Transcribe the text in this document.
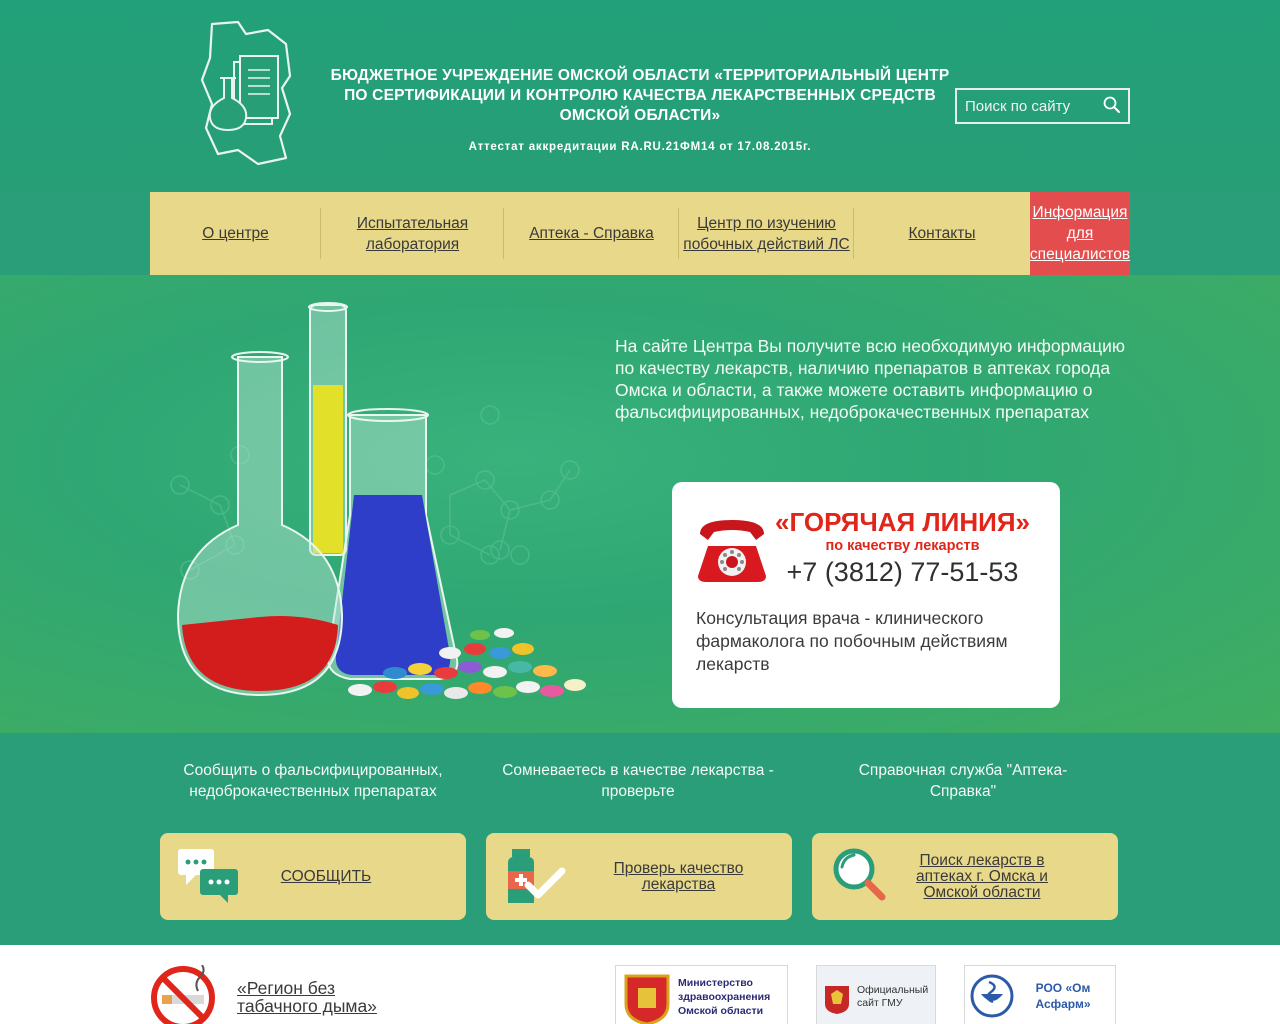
БЮДЖЕТНОЕ УЧРЕЖДЕНИЕ ОМСКОЙ ОБЛАСТИ «ТЕРРИТОРИАЛЬНЫЙ ЦЕНТР ПО СЕРТИФИКАЦИИ И КОНТРОЛЮ КАЧЕСТВА ЛЕКАРСТВЕННЫХ СРЕДСТВ ОМСКОЙ ОБЛАСТИ»
Аттестат аккредитации RA.RU.21ФМ14 от 17.08.2015г.
Поиск по сайту
О центре
Испытательная лаборатория
Аптека - Справка
Центр по изучению побочных действий ЛС
Контакты
Информация для специалистов
На сайте Центра Вы получите всю необходимую информацию по качеству лекарств, наличию препаратов в аптеках города Омска и области, а также можете оставить информацию о фальсифицированных, недоброкачественных препаратах
«ГОРЯЧАЯ ЛИНИЯ»
по качеству лекарств
+7 (3812) 77-51-53
Консультация врача - клинического фармаколога по побочным действиям лекарств
Сообщить о фальсифицированных, недоброкачественных препаратах
Сомневаетесь в качестве лекарства - проверьте
Справочная служба "Аптека-Справка"
СООБЩИТЬ	Проверь качество лекарства
Поиск лекарств в аптеках г. Омска и Омской области
«Регион без табачного дыма»
Министерство здравоохранения Омской области
Официальный сайт ГМУ
РОО «Ом Асфарм»
